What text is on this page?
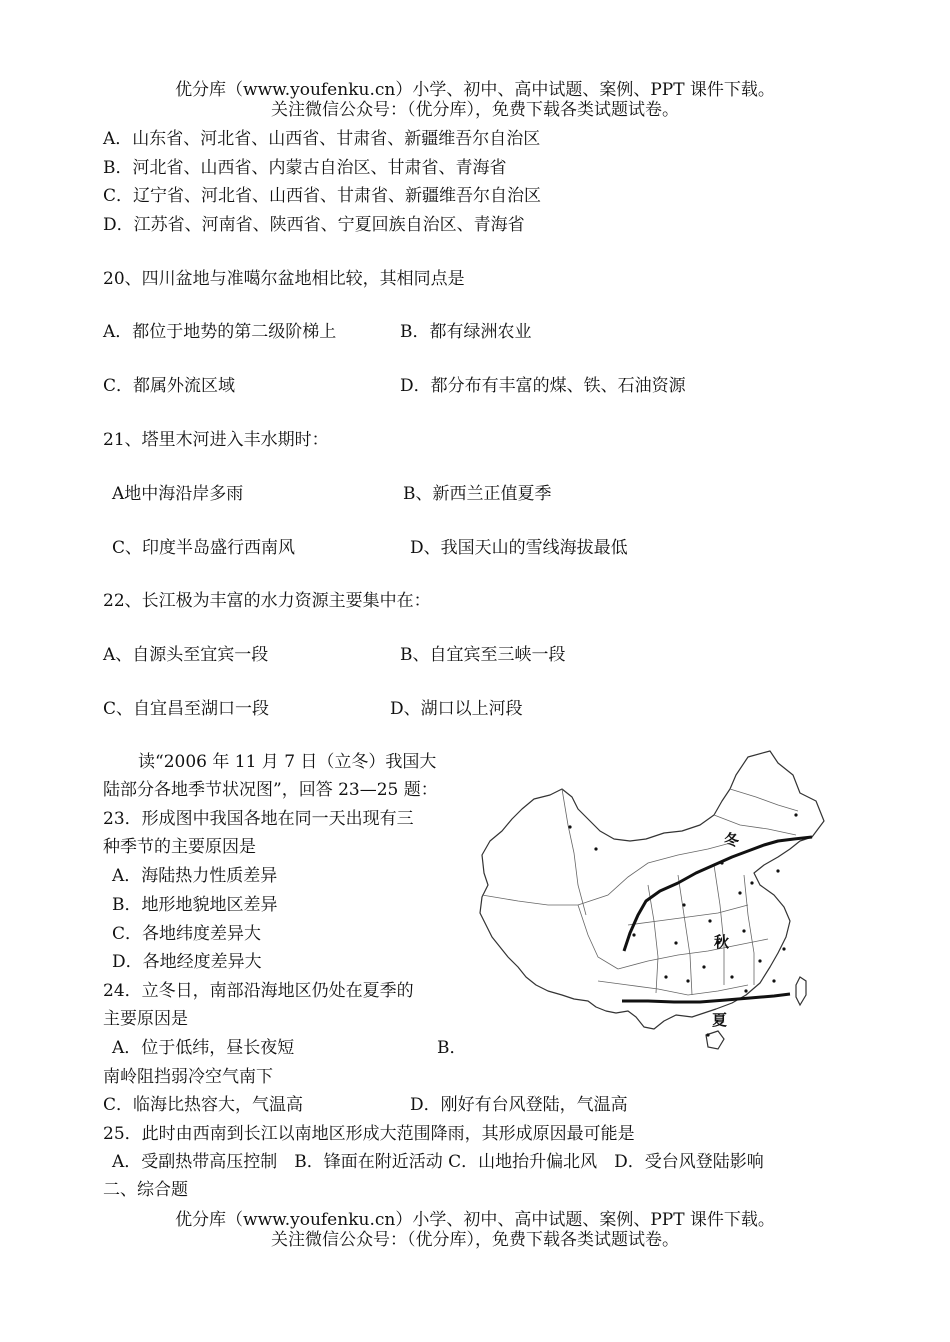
优分库（www.youfenku.cn）小学、初中、高中试题、案例、PPT 课件下载。
关注微信公众号：（优分库），免费下载各类试题试卷。
A．山东省、河北省、山西省、甘肃省、新疆维吾尔自治区
B．河北省、山西省、内蒙古自治区、甘肃省、青海省
C．辽宁省、河北省、山西省、甘肃省、新疆维吾尔自治区
D．江苏省、河南省、陕西省、宁夏回族自治区、青海省
20、四川盆地与准噶尔盆地相比较，其相同点是
A．都位于地势的第二级阶梯上	B．都有绿洲农业
C．都属外流区域	D．都分布有丰富的煤、铁、石油资源
21、塔里木河进入丰水期时：
A地中海沿岸多雨	B、新西兰正值夏季
C、印度半岛盛行西南风	D、我国天山的雪线海拔最低
22、长江极为丰富的水力资源主要集中在：
A、自源头至宜宾一段	B、自宜宾至三峡一段
C、自宜昌至湖口一段	D、湖口以上河段
读“2006 年 11 月 7 日（立冬）我国大
陆部分各地季节状况图”，回答 23—25 题：
23．形成图中我国各地在同一天出现有三
种季节的主要原因是
A．海陆热力性质差异
B．地形地貌地区差异
C．各地纬度差异大
D．各地经度差异大
24．立冬日，南部沿海地区仍处在夏季的
主要原因是
A．位于低纬，昼长夜短	B．
南岭阻挡弱冷空气南下
C．临海比热容大，气温高	D．刚好有台风登陆，气温高
25．此时由西南到长江以南地区形成大范围降雨，其形成原因最可能是
A．受副热带高压控制　B．锋面在附近活动 C．山地抬升偏北风　D．受台风登陆影响
二、综合题
冬
秋
夏
优分库（www.youfenku.cn）小学、初中、高中试题、案例、PPT 课件下载。
关注微信公众号：（优分库），免费下载各类试题试卷。
